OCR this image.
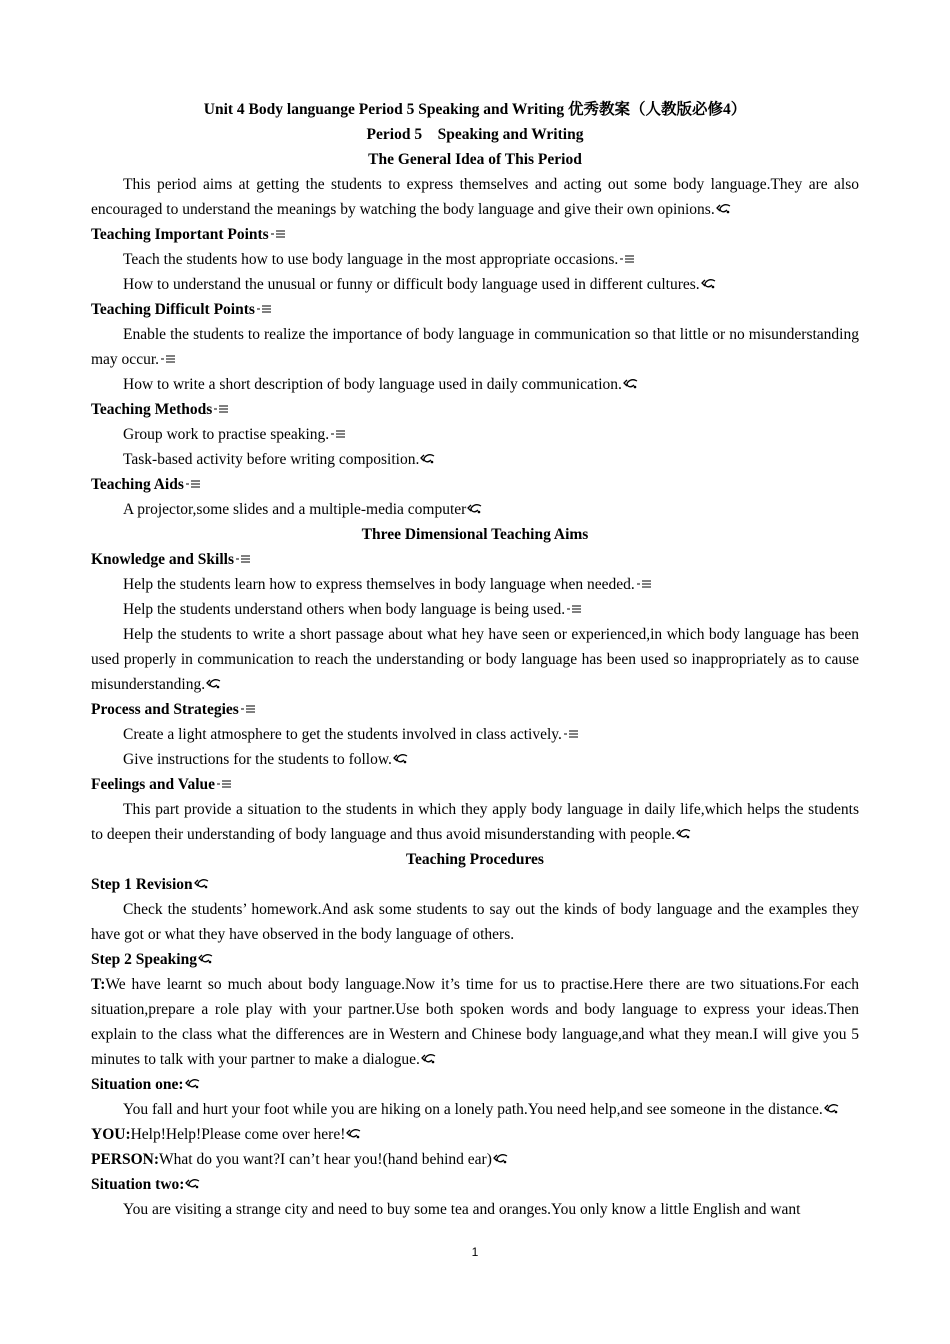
Unit 4 Body languange Period 5 Speaking and Writing 优秀教案（人教版必修4）
Period 5    Speaking and Writing
The General Idea of This Period
This period aims at getting the students to express themselves and acting out some body language.They are also encouraged to understand the meanings by watching the body language and give their own opinions.
Teaching Important Points
Teach the students how to use body language in the most appropriate occasions.
How to understand the unusual or funny or difficult body language used in different cultures.
Teaching Difficult Points
Enable the students to realize the importance of body language in communication so that little or no misunderstanding may occur.
How to write a short description of body language used in daily communication.
Teaching Methods
Group work to practise speaking.
Task-based activity before writing composition.
Teaching Aids
A projector,some slides and a multiple-media computer
Three Dimensional Teaching Aims
Knowledge and Skills
Help the students learn how to express themselves in body language when needed.
Help the students understand others when body language is being used.
Help the students to write a short passage about what hey have seen or experienced,in which body language has been used properly in communication to reach the understanding or body language has been used so inappropriately as to cause misunderstanding.
Process and Strategies
Create a light atmosphere to get the students involved in class actively.
Give instructions for the students to follow.
Feelings and Value
This part provide a situation to the students in which they apply body language in daily life,which helps the students to deepen their understanding of body language and thus avoid misunderstanding with people.
Teaching Procedures
Step 1 Revision
Check the students’ homework.And ask some students to say out the kinds of body language and the examples they have got or what they have observed in the body language of others.
Step 2 Speaking
T:We have learnt so much about body language.Now it’s time for us to practise.Here there are two situations.For each situation,prepare a role play with your partner.Use both spoken words and body language to express your ideas.Then explain to the class what the differences are in Western and Chinese body language,and what they mean.I will give you 5 minutes to talk with your partner to make a dialogue.
Situation one:
You fall and hurt your foot while you are hiking on a lonely path.You need help,and see someone in the distance.
YOU:Help!Help!Please come over here!
PERSON:What do you want?I can’t hear you!(hand behind ear)
Situation two:
You are visiting a strange city and need to buy some tea and oranges.You only know a little English and want
1
